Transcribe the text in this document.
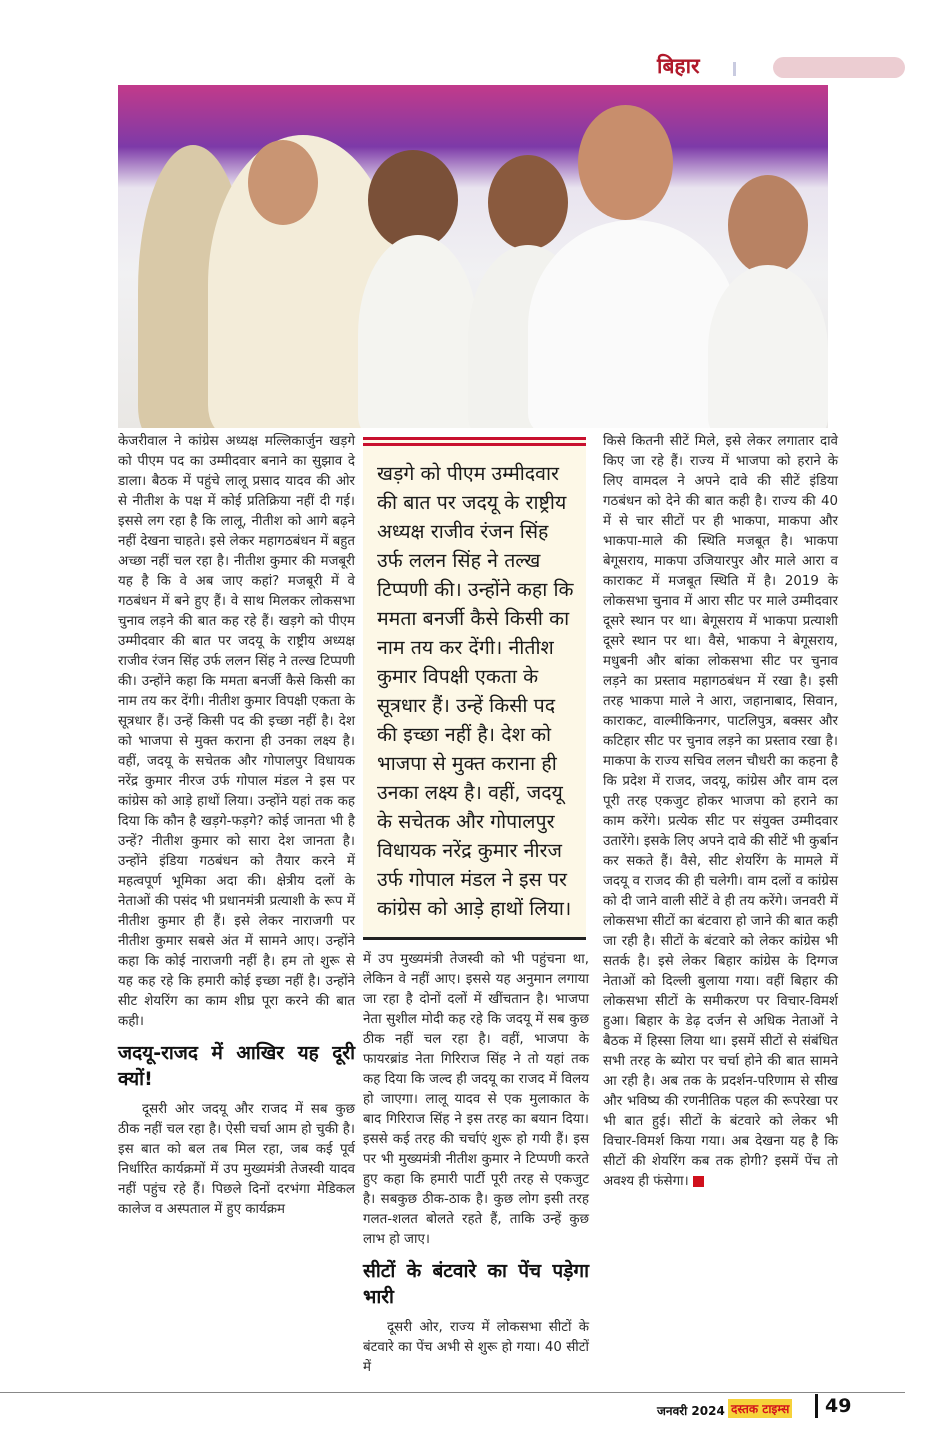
बिहार

केजरीवाल ने कांग्रेस अध्यक्ष मल्लिकार्जुन खड़गे को पीएम पद का उम्मीदवार बनाने का सुझाव दे डाला। बैठक में पहुंचे लालू प्रसाद यादव की ओर से नीतीश के पक्ष में कोई प्रतिक्रिया नहीं दी गई। इससे लग रहा है कि लालू, नीतीश को आगे बढ़ने नहीं देखना चाहते। इसे लेकर महागठबंधन में बहुत अच्छा नहीं चल रहा है। नीतीश कुमार की मजबूरी यह है कि वे अब जाए कहां? मजबूरी में वे गठबंधन में बने हुए हैं। वे साथ मिलकर लोकसभा चुनाव लड़ने की बात कह रहे हैं। खड़गे को पीएम उम्मीदवार की बात पर जदयू के राष्ट्रीय अध्यक्ष राजीव रंजन सिंह उर्फ ललन सिंह ने तल्ख टिप्पणी की। उन्होंने कहा कि ममता बनर्जी कैसे किसी का नाम तय कर देंगी। नीतीश कुमार विपक्षी एकता के सूत्रधार हैं। उन्हें किसी पद की इच्छा नहीं है। देश को भाजपा से मुक्त कराना ही उनका लक्ष्य है। वहीं, जदयू के सचेतक और गोपालपुर विधायक नरेंद्र कुमार नीरज उर्फ गोपाल मंडल ने इस पर कांग्रेस को आड़े हाथों लिया। उन्होंने यहां तक कह दिया कि कौन है खड़गे-फड़गे? कोई जानता भी है उन्हें? नीतीश कुमार को सारा देश जानता है। उन्होंने इंडिया गठबंधन को तैयार करने में महत्वपूर्ण भूमिका अदा की। क्षेत्रीय दलों के नेताओं की पसंद भी प्रधानमंत्री प्रत्याशी के रूप में नीतीश कुमार ही हैं। इसे लेकर नाराजगी पर नीतीश कुमार सबसे अंत में सामने आए। उन्होंने कहा कि कोई नाराजगी नहीं है। हम तो शुरू से यह कह रहे कि हमारी कोई इच्छा नहीं है। उन्होंने सीट शेयरिंग का काम शीघ्र पूरा करने की बात कही।

जदयू-राजद में आखिर यह दूरी क्यों!

दूसरी ओर जदयू और राजद में सब कुछ ठीक नहीं चल रहा है। ऐसी चर्चा आम हो चुकी है। इस बात को बल तब मिल रहा, जब कई पूर्व निर्धारित कार्यक्रमों में उप मुख्यमंत्री तेजस्वी यादव नहीं पहुंच रहे हैं। पिछले दिनों दरभंगा मेडिकल कालेज व अस्पताल में हुए कार्यक्रम

खड़गे को पीएम उम्मीदवार की बात पर जदयू के राष्ट्रीय अध्यक्ष राजीव रंजन सिंह उर्फ ललन सिंह ने तल्ख टिप्पणी की। उन्होंने कहा कि ममता बनर्जी कैसे किसी का नाम तय कर देंगी। नीतीश कुमार विपक्षी एकता के सूत्रधार हैं। उन्हें किसी पद की इच्छा नहीं है। देश को भाजपा से मुक्त कराना ही उनका लक्ष्य है। वहीं, जदयू के सचेतक और गोपालपुर विधायक नरेंद्र कुमार नीरज उर्फ गोपाल मंडल ने इस पर कांग्रेस को आड़े हाथों लिया।

में उप मुख्यमंत्री तेजस्वी को भी पहुंचना था, लेकिन वे नहीं आए। इससे यह अनुमान लगाया जा रहा है दोनों दलों में खींचतान है। भाजपा नेता सुशील मोदी कह रहे कि जदयू में सब कुछ ठीक नहीं चल रहा है। वहीं, भाजपा के फायरब्रांड नेता गिरिराज सिंह ने तो यहां तक कह दिया कि जल्द ही जदयू का राजद में विलय हो जाएगा। लालू यादव से एक मुलाकात के बाद गिरिराज सिंह ने इस तरह का बयान दिया। इससे कई तरह की चर्चाएं शुरू हो गयी हैं। इस पर भी मुख्यमंत्री नीतीश कुमार ने टिप्पणी करते हुए कहा कि हमारी पार्टी पूरी तरह से एकजुट है। सबकुछ ठीक-ठाक है। कुछ लोग इसी तरह गलत-शलत बोलते रहते हैं, ताकि उन्हें कुछ लाभ हो जाए।

सीटों के बंटवारे का पेंच पड़ेगा भारी

दूसरी ओर, राज्य में लोकसभा सीटों के बंटवारे का पेंच अभी से शुरू हो गया। 40 सीटों में

किसे कितनी सीटें मिले, इसे लेकर लगातार दावे किए जा रहे हैं। राज्य में भाजपा को हराने के लिए वामदल ने अपने दावे की सीटें इंडिया गठबंधन को देने की बात कही है। राज्य की 40 में से चार सीटों पर ही भाकपा, माकपा और भाकपा-माले की स्थिति मजबूत है। भाकपा बेगूसराय, माकपा उजियारपुर और माले आरा व काराकट में मजबूत स्थिति में है। 2019 के लोकसभा चुनाव में आरा सीट पर माले उम्मीदवार दूसरे स्थान पर था। बेगूसराय में भाकपा प्रत्याशी दूसरे स्थान पर था। वैसे, भाकपा ने बेगूसराय, मधुबनी और बांका लोकसभा सीट पर चुनाव लड़ने का प्रस्ताव महागठबंधन में रखा है। इसी तरह भाकपा माले ने आरा, जहानाबाद, सिवान, काराकट, वाल्मीकिनगर, पाटलिपुत्र, बक्सर और कटिहार सीट पर चुनाव लड़ने का प्रस्ताव रखा है। माकपा के राज्य सचिव ललन चौधरी का कहना है कि प्रदेश में राजद, जदयू, कांग्रेस और वाम दल पूरी तरह एकजुट होकर भाजपा को हराने का काम करेंगे। प्रत्येक सीट पर संयुक्त उम्मीदवार उतारेंगे। इसके लिए अपने दावे की सीटें भी कुर्बान कर सकते हैं। वैसे, सीट शेयरिंग के मामले में जदयू व राजद की ही चलेगी। वाम दलों व कांग्रेस को दी जाने वाली सीटें वे ही तय करेंगे। जनवरी में लोकसभा सीटों का बंटवारा हो जाने की बात कही जा रही है। सीटों के बंटवारे को लेकर कांग्रेस भी सतर्क है। इसे लेकर बिहार कांग्रेस के दिग्गज नेताओं को दिल्ली बुलाया गया। वहीं बिहार की लोकसभा सीटों के समीकरण पर विचार-विमर्श हुआ। बिहार के डेढ़ दर्जन से अधिक नेताओं ने बैठक में हिस्सा लिया था। इसमें सीटों से संबंधित सभी तरह के ब्योरा पर चर्चा होने की बात सामने आ रही है। अब तक के प्रदर्शन-परिणाम से सीख और भविष्य की रणनीतिक पहल की रूपरेखा पर भी बात हुई। सीटों के बंटवारे को लेकर भी विचार-विमर्श किया गया। अब देखना यह है कि सीटों की शेयरिंग कब तक होगी? इसमें पेंच तो अवश्य ही फंसेगा।

जनवरी 2024 दस्तक टाइम्स 49
